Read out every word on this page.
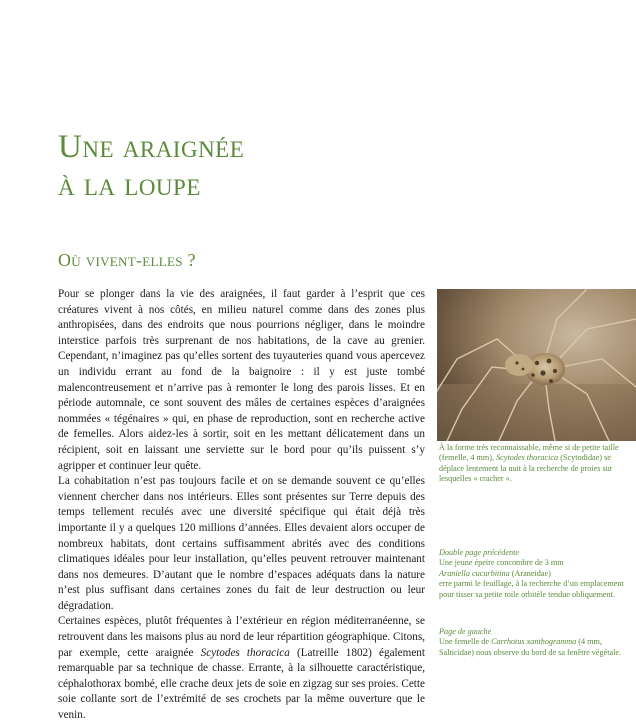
Une araignée
à la loupe
Où vivent-elles ?

Pour se plonger dans la vie des araignées, il faut garder à l’esprit que ces créatures vivent à nos côtés, en milieu naturel comme dans des zones plus anthropisées, dans des endroits que nous pourrions négliger, dans le moindre interstice parfois très surprenant de nos habitations, de la cave au grenier. Cependant, n’imaginez pas qu’elles sortent des tuyauteries quand vous apercevez un individu errant au fond de la baignoire : il y est juste tombé malencontreusement et n’arrive pas à remonter le long des parois lisses. Et en période automnale, ce sont souvent des mâles de certaines espèces d’araignées nommées « tégénaires » qui, en phase de reproduction, sont en recherche active de femelles. Alors aidez-les à sortir, soit en les mettant délicatement dans un récipient, soit en laissant une serviette sur le bord pour qu’ils puissent s’y agripper et continuer leur quête.

La cohabitation n’est pas toujours facile et on se demande souvent ce qu’elles viennent chercher dans nos intérieurs. Elles sont présentes sur Terre depuis des temps tellement reculés avec une diversité spécifique qui était déjà très importante il y a quelques 120 millions d’années. Elles devaient alors occuper de nombreux habitats, dont certains suffisamment abrités avec des conditions climatiques idéales pour leur installation, qu’elles peuvent retrouver maintenant dans nos demeures. D’autant que le nombre d’espaces adéquats dans la nature n’est plus suffisant dans certaines zones du fait de leur destruction ou leur dégradation.

Certaines espèces, plutôt fréquentes à l’extérieur en région méditerranéenne, se retrouvent dans les maisons plus au nord de leur répartition géographique. Citons, par exemple, cette araignée Scytodes thoracica (Latreille 1802) également remarquable par sa technique de chasse. Errante, à la silhouette caractéristique, céphalothorax bombé, elle crache deux jets de soie en zigzag sur ses proies. Cette soie collante sort de l’extrémité de ses crochets par la même ouverture que le venin.

À la forme très reconnaissable, même si de petite taille (femelle, 4 mm), Scytodes thoracica (Scytodidae) se déplace lentement la nuit à la recherche de proies sur lesquelles « cracher ».

Double page précédente
Une jeune épeire concombre de 3 mm
Araniella cucurbitina (Araneidae)
erre parmi le feuillage, à la recherche d’un emplacement pour tisser sa petite toile orbitèle tendue obliquement.

Page de gauche
Une femelle de Carrhotus xanthogramma (4 mm, Salticidae) nous observe du bord de sa fenêtre végétale.
